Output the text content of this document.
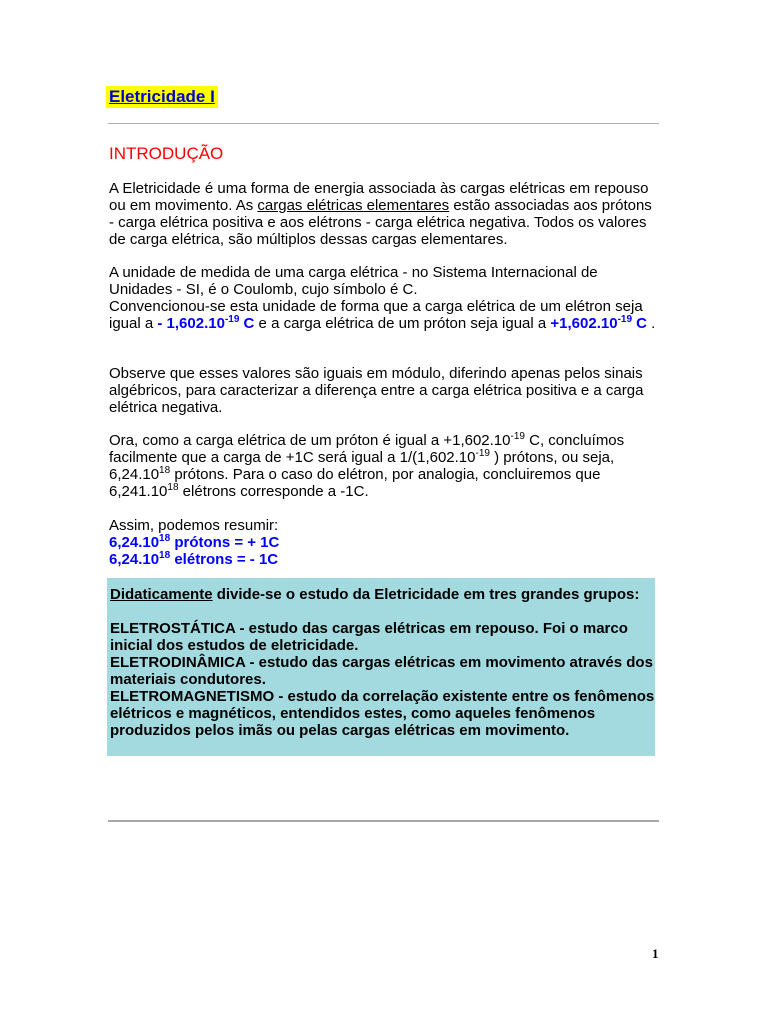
Eletricidade I
INTRODUÇÃO

A Eletricidade é uma forma de energia associada às cargas elétricas em repouso ou em movimento. As cargas elétricas elementares estão associadas aos prótons - carga elétrica positiva e aos elétrons - carga elétrica negativa. Todos os valores de carga elétrica, são múltiplos dessas cargas elementares.

A unidade de medida de uma carga elétrica - no Sistema Internacional de Unidades - SI, é o Coulomb, cujo símbolo é C.

Convencionou-se esta unidade de forma que a carga elétrica de um elétron seja igual a - $1,602.10^{-19}$ C e a carga elétrica de um próton seja igual $a +1,602.10^{-19}$ C .

Observe que esses valores são iguais em módulo, diferindo apenas pelos sinais algébricos, para caracterizar a diferença entre a carga elétrica positiva e a carga elétrica negativa.

Ora, como a carga elétrica de um próton é igual $a +1,602.10^{-19}$ C, concluímos facilmente que a carga de +1C será igual a $1/(1,602.10^{-19}$ ) prótons, ou seja, 6,24.10$^{18}$ prótons. Para o caso do elétron, por analogia, concluiremos que 6,241.10$^{18}$ elétrons corresponde a -1C.

Assim, podemos resumir:

6,24.10$^{18}$ prótons = + 1C

6,24.10$^{18}$ elétrons = - 1C

Didaticamente divide-se o estudo da Eletricidade em tres grandes grupos:

ELETROSTÁTICA - estudo das cargas elétricas em repouso. Foi o marco inicial dos estudos de eletricidade.

ELETRODINÂMICA - estudo das cargas elétricas em movimento através dos materiais condutores.

ELETROMAGNETISMO - estudo da correlação existente entre os fenômenos elétricos e magnéticos, entendidos estes, como aqueles fenômenos produzidos pelos imãs ou pelas cargas elétricas em movimento.

1
